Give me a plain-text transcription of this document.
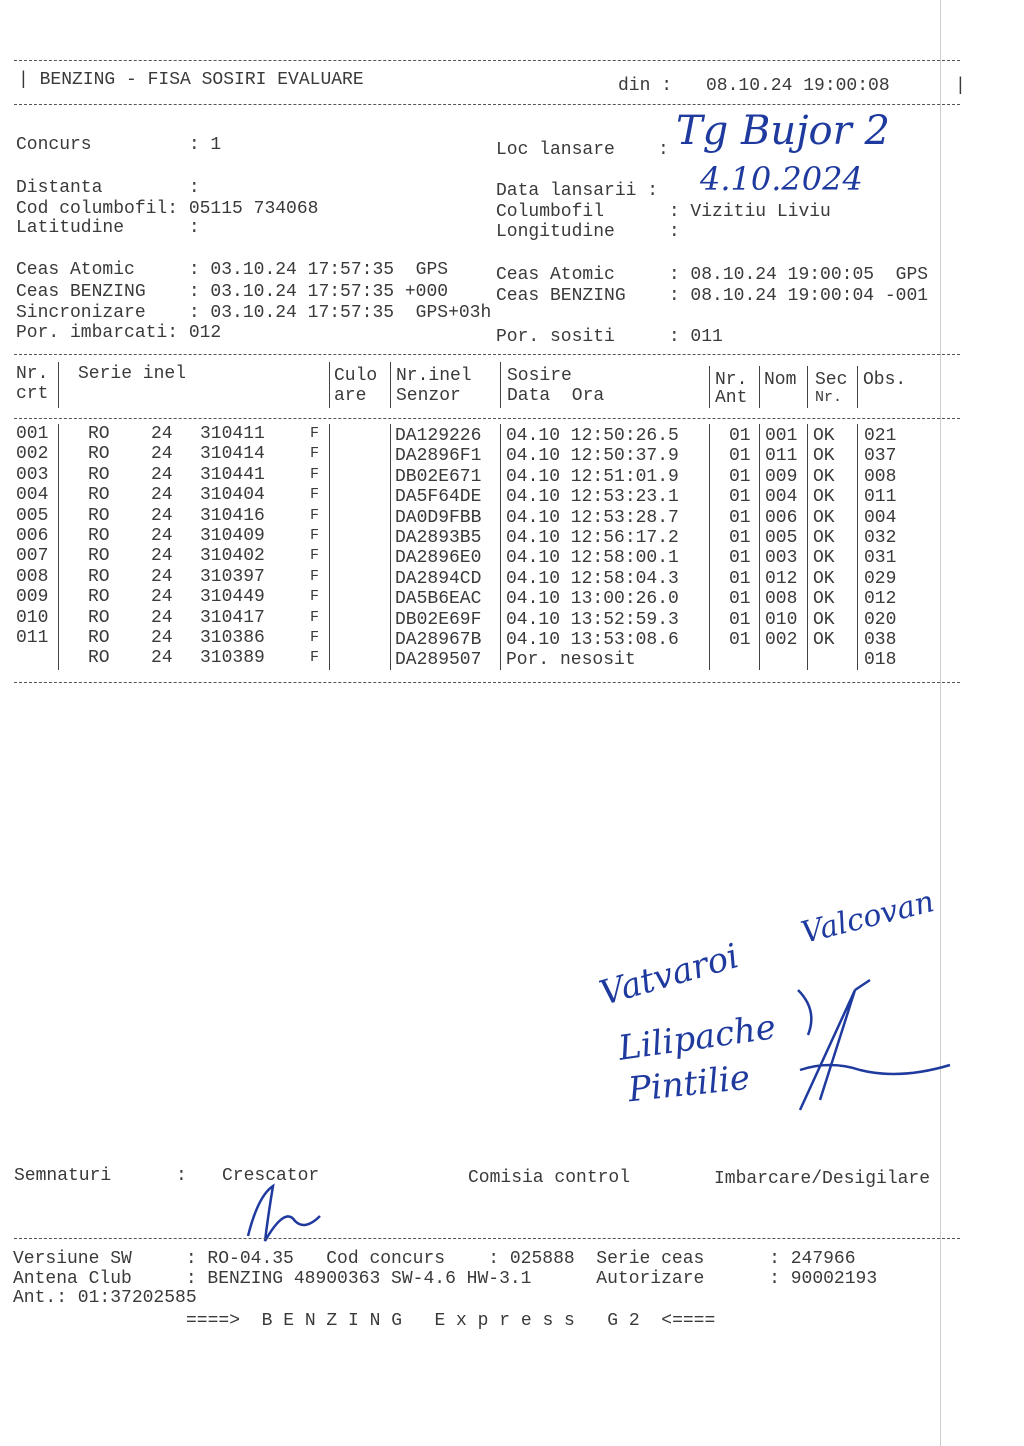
| BENZING - FISA SOSIRI EVALUARE	din : 08.10.24 19:00:08	|
Concurs         : 1
Distanta        :
Cod columbofil: 05115 734068
Latitudine      :
Loc lansare    :
Data lansarii :
Columbofil      : Vizitiu Liviu
Longitudine     :
Tg Bujor 2
4.10.2024
Ceas Atomic     : 03.10.24 17:57:35  GPS
Ceas BENZING    : 03.10.24 17:57:35 +000
Sincronizare    : 03.10.24 17:57:35  GPS+03h
Por. imbarcati: 012
Ceas Atomic     : 08.10.24 19:00:05  GPS
Ceas BENZING    : 08.10.24 19:00:04 -001
Por. sositi     : 011
Nr.
crt
Serie inel	Culo
are
Nr.inel
Senzor
Sosire
Data  Ora
Nr.
Ant
Nom Sec
Nr.
Obs.
001 RO 24 310411	F	DA129226 04.10 12:50:26.5	01 001 OK 021
002 RO 24 310414	F	DA2896F1 04.10 12:50:37.9	01 011 OK 037
003 RO 24 310441	F	DB02E671 04.10 12:51:01.9	01 009 OK 008
004 RO 24 310404	F	DA5F64DE 04.10 12:53:23.1	01 004 OK 011
005 RO 24 310416	F	DA0D9FBB 04.10 12:53:28.7	01 006 OK 004
006 RO 24 310409	F	DA2893B5 04.10 12:56:17.2	01 005 OK 032
007 RO 24 310402	F	DA2896E0 04.10 12:58:00.1	01 003 OK 031
008 RO 24 310397	F	DA2894CD 04.10 12:58:04.3	01 012 OK 029
009 RO 24 310449	F	DA5B6EAC 04.10 13:00:26.0	01 008 OK 012
010 RO 24 310417	F	DB02E69F 04.10 13:52:59.3	01 010 OK 020
011 RO 24 310386	F	DA28967B 04.10 13:53:08.6	01 002 OK 038
RO 24 310389	F	DA289507 Por. nesosit	018
Valcovan
Vatvaroi
Lilipache
Pintilie
Semnaturi      : Crescator	Comisia control	Imbarcare/Desigilare
Versiune SW     : RO-04.35   Cod concurs    : 025888  Serie ceas      : 247966
Antena Club     : BENZING 48900363 SW-4.6 HW-3.1      Autorizare      : 90002193
Ant.: 01:37202585
====>  B E N Z I N G   E x p r e s s   G 2  <====
